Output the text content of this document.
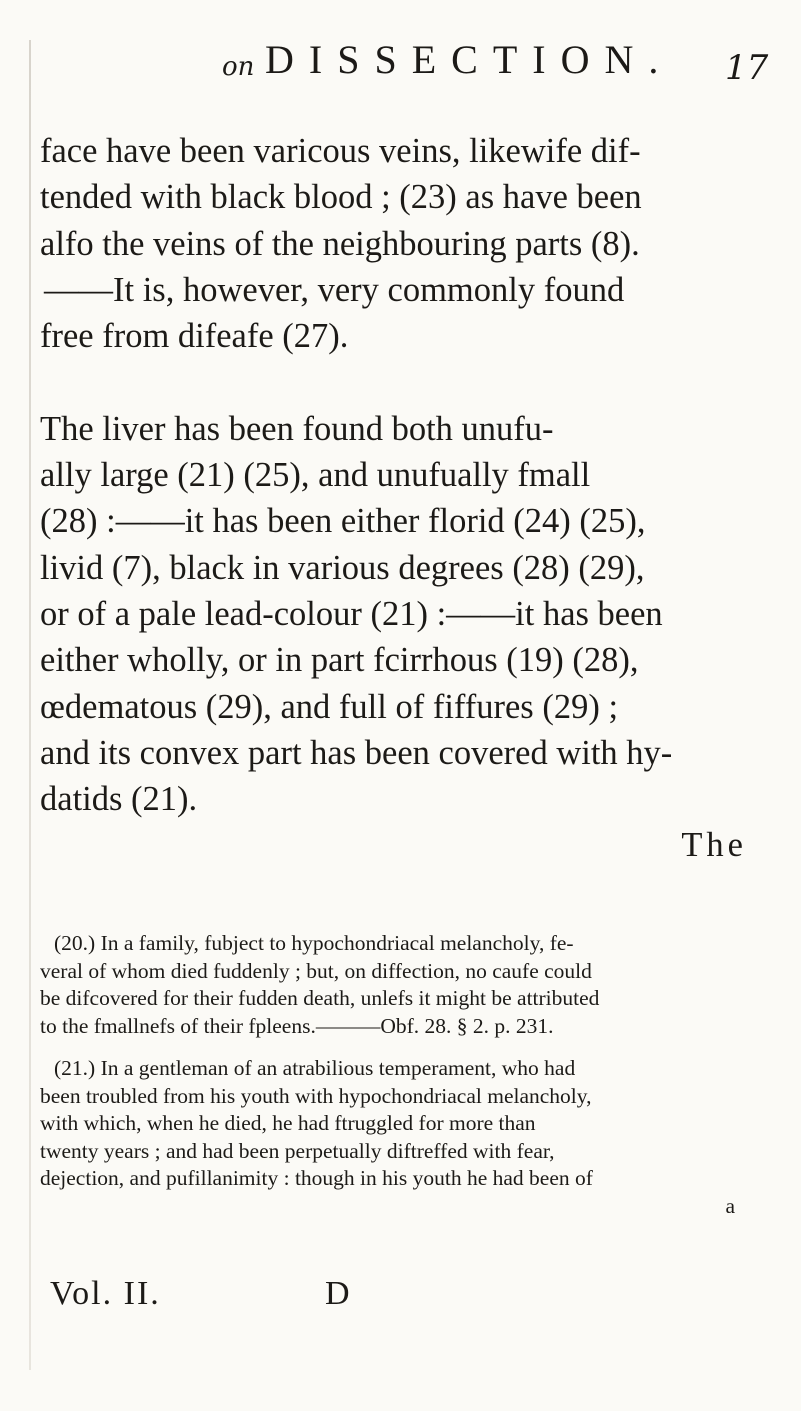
on DISSECTION. 17
face have been varicous veins, likewife dif-
tended with black blood ; (23) as have been
alfo the veins of the neighbouring parts (8).
——It is, however, very commonly found
free from difeafe (27).
The liver has been found both unufu-
ally large (21) (25), and unufually fmall
(28) :——it has been either florid (24) (25),
livid (7), black in various degrees (28) (29),
or of a pale lead-colour (21) :——it has been
either wholly, or in part fcirrhous (19) (28),
œdematous (29), and full of fiffures (29) ;
and its convex part has been covered with hy-
datids (21).
The
(20.) In a family, fubject to hypochondriacal melancholy, fe-
veral of whom died fuddenly ; but, on diffection, no caufe could
be difcovered for their fudden death, unlefs it might be attributed
to the fmallnefs of their fpleens.———Obf. 28. § 2. p. 231.
(21.) In a gentleman of an atrabilious temperament, who had
been troubled from his youth with hypochondriacal melancholy,
with which, when he died, he had ftruggled for more than
twenty years ; and had been perpetually diftreffed with fear,
dejection, and pufillanimity : though in his youth he had been of
a
Vol. II.	D
